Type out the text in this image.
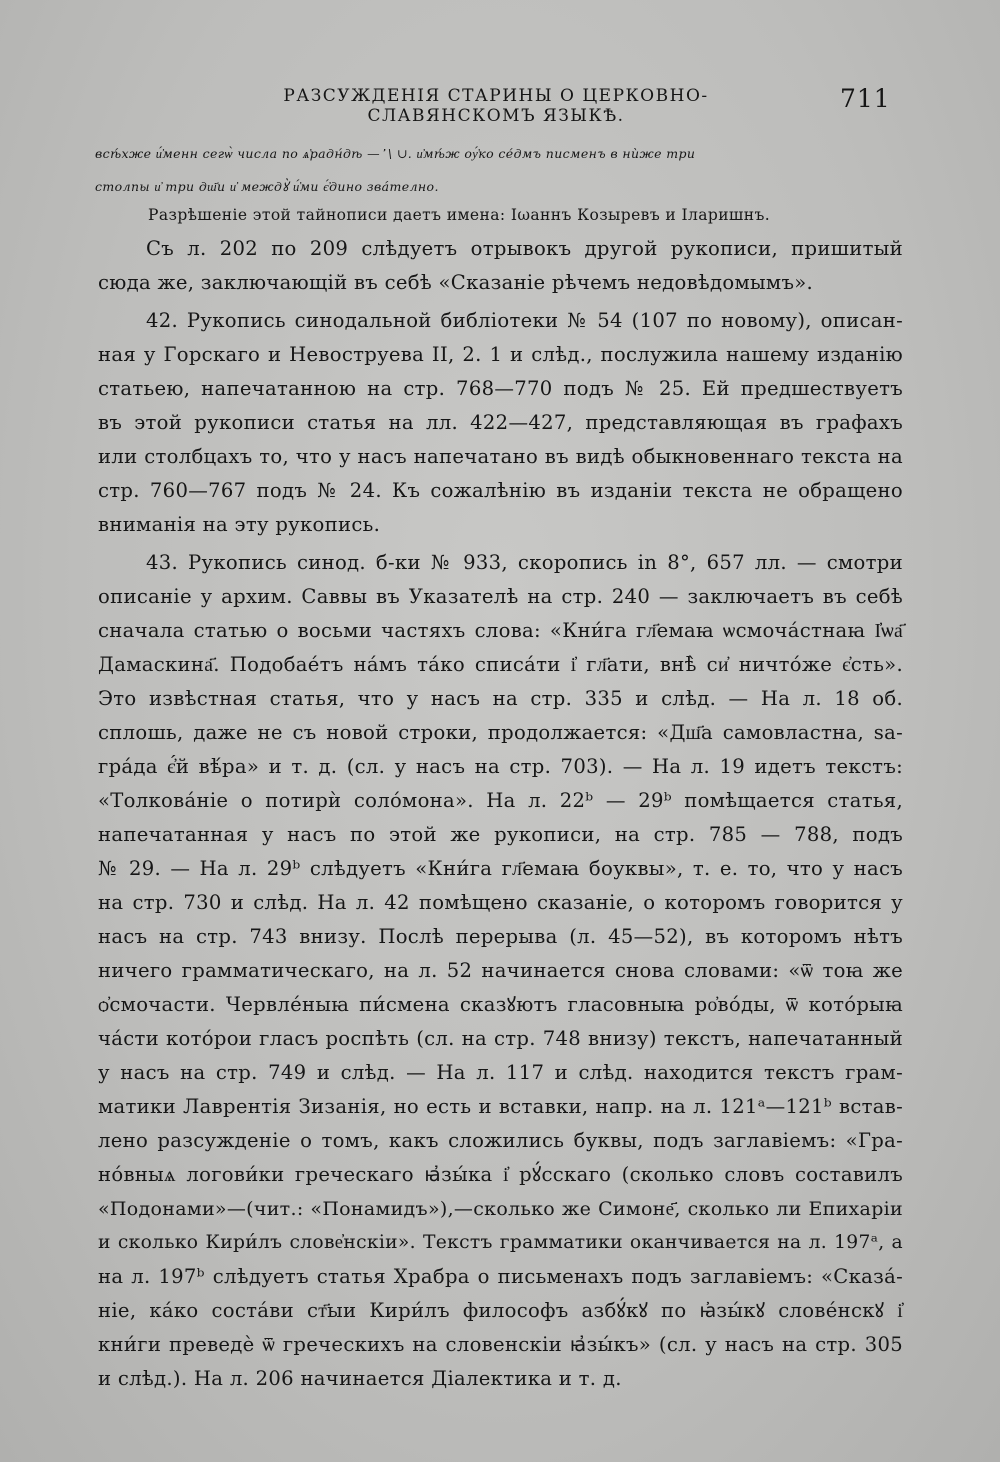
РАЗСУЖДЕНІЯ СТАРИНЫ О ЦЕРКОВНО-СЛАВЯНСКОМЪ ЯЗЫКѢ.
711
всѣ́хже и҆́менн сегѡ̀ числа по ѧ҆радн́дѣ — ҆҆҆ \ ∪. и҆мѣ́ж оу҆́ко се́дмъ писменъ в нѝже три
столпы и҆ три дш҃и и҆ междꙋ̀ и҆́ми є҆́дино звáтелно.
Разрѣшеніе этой тайнописи даетъ имена: Іωаннъ Козыревъ и Іларишнъ.

Съ л. 202 по 209 слѣдуетъ отрывокъ другой рукописи, пришитый
сюда же, заключающій въ себѣ «Сказаніе рѣчемъ недовѣдомымъ».

42. Рукопись синодальной библіотеки № 54 (107 по новому), описан-
ная у Горскаго и Невоструева II, 2. 1 и слѣд., послужила нашему изданію
статьею, напечатанною на стр. 768—770 подъ № 25. Ей предшествуетъ
въ этой рукописи статья на лл. 422—427, представляющая въ графахъ
или столбцахъ то, что у насъ напечатано въ видѣ обыкновеннаго текста на
стр. 760—767 подъ № 24. Къ сожалѣнію въ изданіи текста не обращено
вниманія на эту рукопись.

43. Рукопись синод. б-ки № 933, скоропись in 8°, 657 лл. — смотри
описаніе у архим. Саввы въ Указателѣ на стр. 240 — заключаетъ въ себѣ
сначала статью о восьми частяхъ слова: «Кни́га гл҃емаꙗ ѡсмоча́стнаꙗ І҆ѡа҃
Дамаскина҃. Подобае́тъ на́мъ та́ко списа́ти і҆ гл҃ати, внѣ̀ си҆ ничто́же є҆сть».
Это извѣстная статья, что у насъ на стр. 335 и слѣд. — На л. 18 об.
сплошь, даже не съ новой строки, продолжается: «Дш҃а самовластна, ѕа-
гра́да є҆́й вѣ́ра» и т. д. (сл. у насъ на стр. 703). — На л. 19 идетъ текстъ:
«Толкова́ніе о потирѝ соло́мона». На л. 22ᵇ — 29ᵇ помѣщается статья,
напечатанная у насъ по этой же рукописи, на стр. 785 — 788, подъ
№ 29. — На л. 29ᵇ слѣдуетъ «Кни́га гл҃емаꙗ боуквы», т. е. то, что у насъ
на стр. 730 и слѣд. На л. 42 помѣщено сказаніе, о которомъ говорится у
насъ на стр. 743 внизу. Послѣ перерыва (л. 45—52), въ которомъ нѣтъ
ничего грамматическаго, на л. 52 начинается снова словами: «ѿ тоꙗ же
ѻ҆смочасти. Червле́ныꙗ пи́смена сказꙋютъ гласовныꙗ ро҆во́ды, ѿ кото́рыꙗ
ча́сти кото́рои гласъ роспѣть (сл. на стр. 748 внизу) текстъ, напечатанный
у насъ на стр. 749 и слѣд. — На л. 117 и слѣд. находится текстъ грам-
матики Лаврентія Зизанія, но есть и вставки, напр. на л. 121ᵃ—121ᵇ встав-
лено разсужденіе о томъ, какъ сложились буквы, подъ заглавіемъ: «Гра-
но́вныѧ логови́ки греческаго ꙗ҆зы́ка і҆ рꙋ́сскаго (сколько словъ составилъ
«Подонами»—(чит.: «Понамидъ»),—сколько же Симоне҃, сколько ли Епихаріи
и сколько Кири́лъ слове҆нскіи». Текстъ грамматики оканчивается на л. 197ᵃ, а
на л. 197ᵇ слѣдуетъ статья Храбра о письменахъ подъ заглавіемъ: «Сказа́-
ніе, ка́ко состáви ст҃ыи Кири́лъ философъ азбꙋ́кꙋ по ꙗ҆зы́кꙋ словéнскꙋ і҆
кни́ги преведѐ ѿ греческихъ на словенскіи ꙗ҆зы́къ» (сл. у насъ на стр. 305
и слѣд.). На л. 206 начинается Діалектика и т. д.
